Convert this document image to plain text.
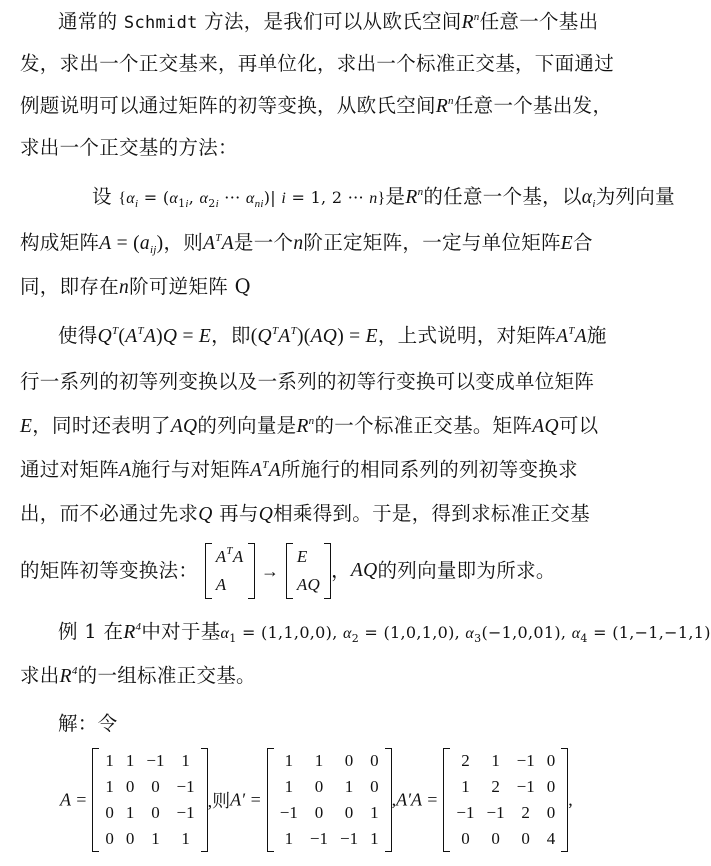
通常的 Schmidt 方法，是我们可以从欧氏空间$R^n$任意一个基出
发，求出一个正交基来，再单位化，求出一个标准正交基，下面通过
例题说明可以通过矩阵的初等变换，从欧氏空间$R^n$任意一个基出发，
求出一个正交基的方法：
设 {$\alpha_i = (\alpha_{1i}$, $\alpha_{2i}$ ··· $\alpha_{ni})|$ i = 1, 2 ··· n}是$R^n$的任意一个基，以$\alpha_i$为列向量
构成矩阵$A = (a_{ij})$，则$A^TA$是一个n阶正定矩阵，一定与单位矩阵E合
同，即存在n阶可逆矩阵 Q
使得$Q^T(A^TA)Q = E$，即$(Q^TA^T)(AQ) = E$，上式说明，对矩阵$A^TA$施
行一系列的初等列变换以及一系列的初等行变换可以变成单位矩阵
E，同时还表明了AQ的列向量是$R^n$的一个标准正交基。矩阵AQ可以
通过对矩阵A施行与对矩阵$A^TA$所施行的相同系列的列初等变换求
出，而不必通过先求Q 再与Q相乘得到。于是，得到求标准正交基
的矩阵初等变换法：
$A^TA$
A
→
E
AQ
，AQ的列向量即为所求。
例 1 在$R^4$中对于基$\alpha_1 = (1,1,0,0)$, $\alpha_2 = (1,0,1,0)$, $\alpha_3(-1,0,01)$, $\alpha_4 = (1,-1,-1,1)$
求出$R^4$的一组标准正交基。
解：令
A =
1	1	−1	1
1	0	0	−1
0	1	0	−1
0	0	1	1
,则A′ =
1	1	0	0
1	0	1	0
−1	0	0	1
1	−1	−1	1
,A′A =
2	1	−1	0
1	2	−1	0
−1	−1	2	0
0	0	0	4
,
